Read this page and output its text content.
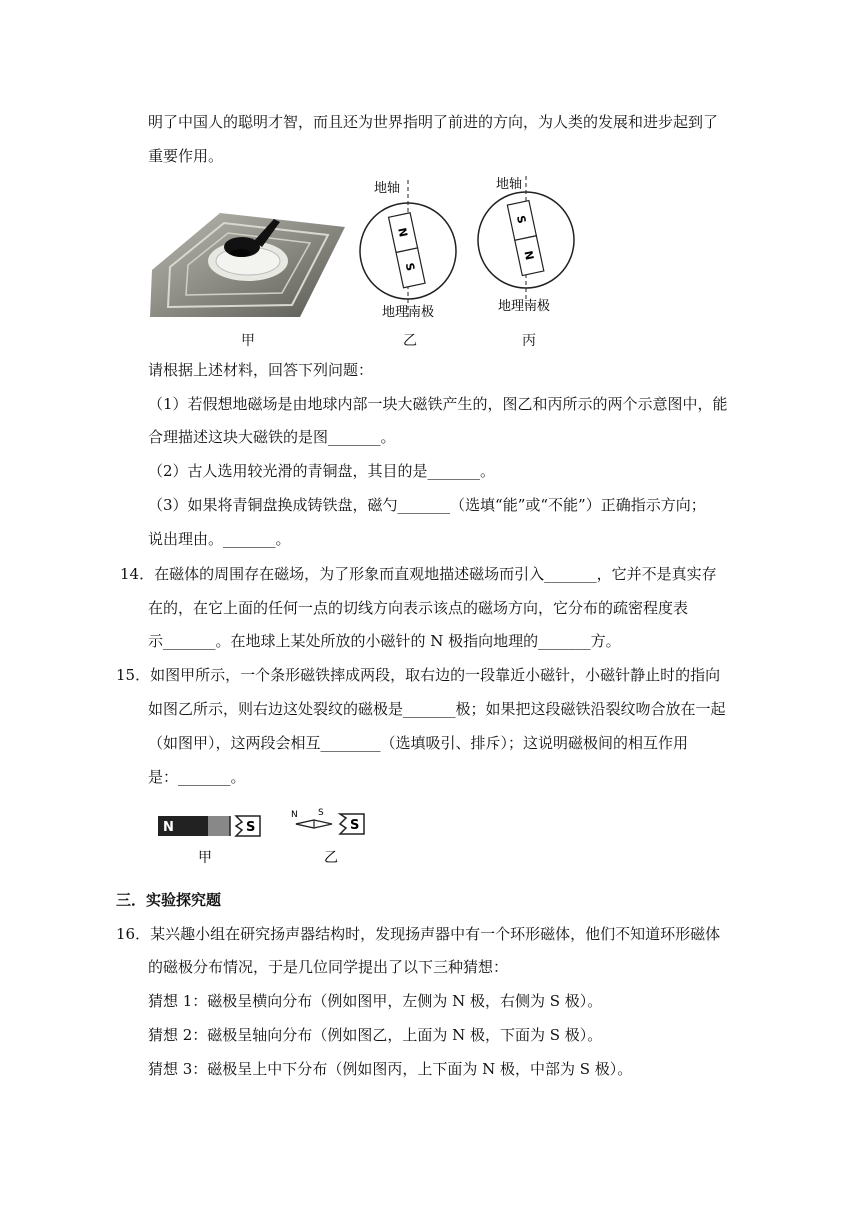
明了中国人的聪明才智，而且还为世界指明了前进的方向，为人类的发展和进步起到了
重要作用。
地轴
N
S
地理南极
地轴
S
N
地理南极
甲	乙	丙
请根据上述材料，回答下列问题：
（1）若假想地磁场是由地球内部一块大磁铁产生的，图乙和丙所示的两个示意图中，能
合理描述这块大磁铁的是图_______。
（2）古人选用较光滑的青铜盘，其目的是_______。
（3）如果将青铜盘换成铸铁盘，磁勺_______（选填“能”或“不能”）正确指示方向；
说出理由。_______。
14．在磁体的周围存在磁场，为了形象而直观地描述磁场而引入_______，它并不是真实存
在的，在它上面的任何一点的切线方向表示该点的磁场方向，它分布的疏密程度表
示_______。在地球上某处所放的小磁针的 N 极指向地理的_______方。
15．如图甲所示，一个条形磁铁摔成两段，取右边的一段靠近小磁针，小磁针静止时的指向
如图乙所示，则右边这处裂纹的磁极是_______极；如果把这段磁铁沿裂纹吻合放在一起
（如图甲），这两段会相互________（选填吸引、排斥）；这说明磁极间的相互作用
是：_______。
N	S
甲
N S
S
乙
三．实验探究题
16．某兴趣小组在研究扬声器结构时，发现扬声器中有一个环形磁体，他们不知道环形磁体
的磁极分布情况，于是几位同学提出了以下三种猜想：
猜想 1：磁极呈横向分布（例如图甲，左侧为 N 极，右侧为 S 极）。
猜想 2：磁极呈轴向分布（例如图乙，上面为 N 极，下面为 S 极）。
猜想 3：磁极呈上中下分布（例如图丙，上下面为 N 极，中部为 S 极）。
